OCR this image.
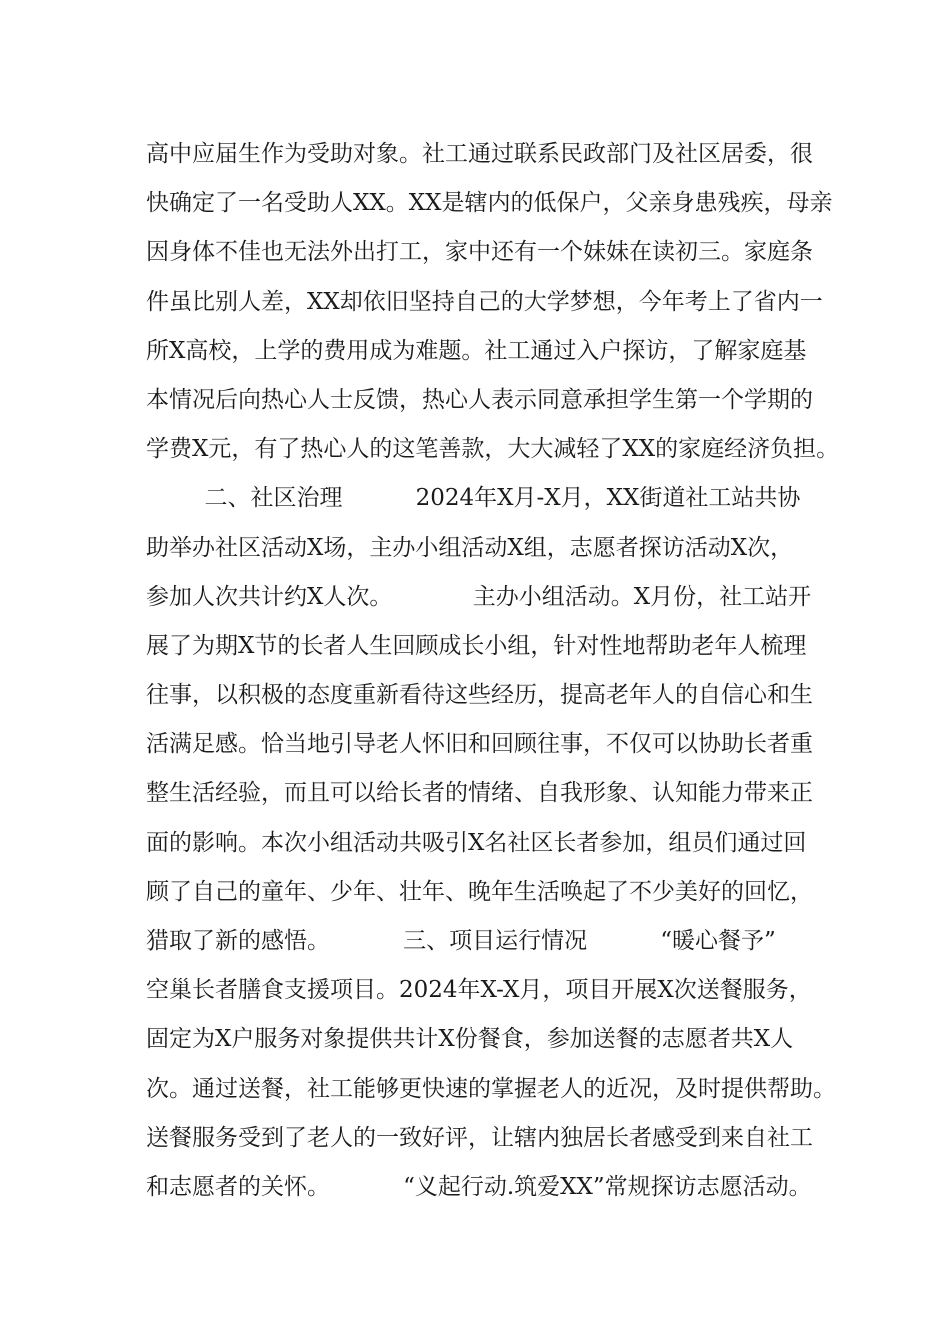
高中应届生作为受助对象。社工通过联系民政部门及社区居委，很
快确定了一名受助人XX。XX是辖内的低保户，父亲身患残疾，母亲
因身体不佳也无法外出打工，家中还有一个妹妹在读初三。家庭条
件虽比别人差，XX却依旧坚持自己的大学梦想，今年考上了省内一
所X高校，上学的费用成为难题。社工通过入户探访，了解家庭基
本情况后向热心人士反馈，热心人表示同意承担学生第一个学期的
学费X元，有了热心人的这笔善款，大大减轻了XX的家庭经济负担。
二、社区治理          2024年X月-X月，XX街道社工站共协
助举办社区活动X场，主办小组活动X组，志愿者探访活动X次，
参加人次共计约X人次。           主办小组活动。X月份，社工站开
展了为期X节的长者人生回顾成长小组，针对性地帮助老年人梳理
往事，以积极的态度重新看待这些经历，提高老年人的自信心和生
活满足感。恰当地引导老人怀旧和回顾往事，不仅可以协助长者重
整生活经验，而且可以给长者的情绪、自我形象、认知能力带来正
面的影响。本次小组活动共吸引X名社区长者参加，组员们通过回
顾了自己的童年、少年、壮年、晚年生活唤起了不少美好的回忆，
猎取了新的感悟。          三、项目运行情况          “暖心餐予”
空巢长者膳食支援项目。2024年X-X月，项目开展X次送餐服务，
固定为X户服务对象提供共计X份餐食，参加送餐的志愿者共X人
次。通过送餐，社工能够更快速的掌握老人的近况，及时提供帮助。
送餐服务受到了老人的一致好评，让辖内独居长者感受到来自社工
和志愿者的关怀。          “义起行动.筑爱XX”常规探访志愿活动。
